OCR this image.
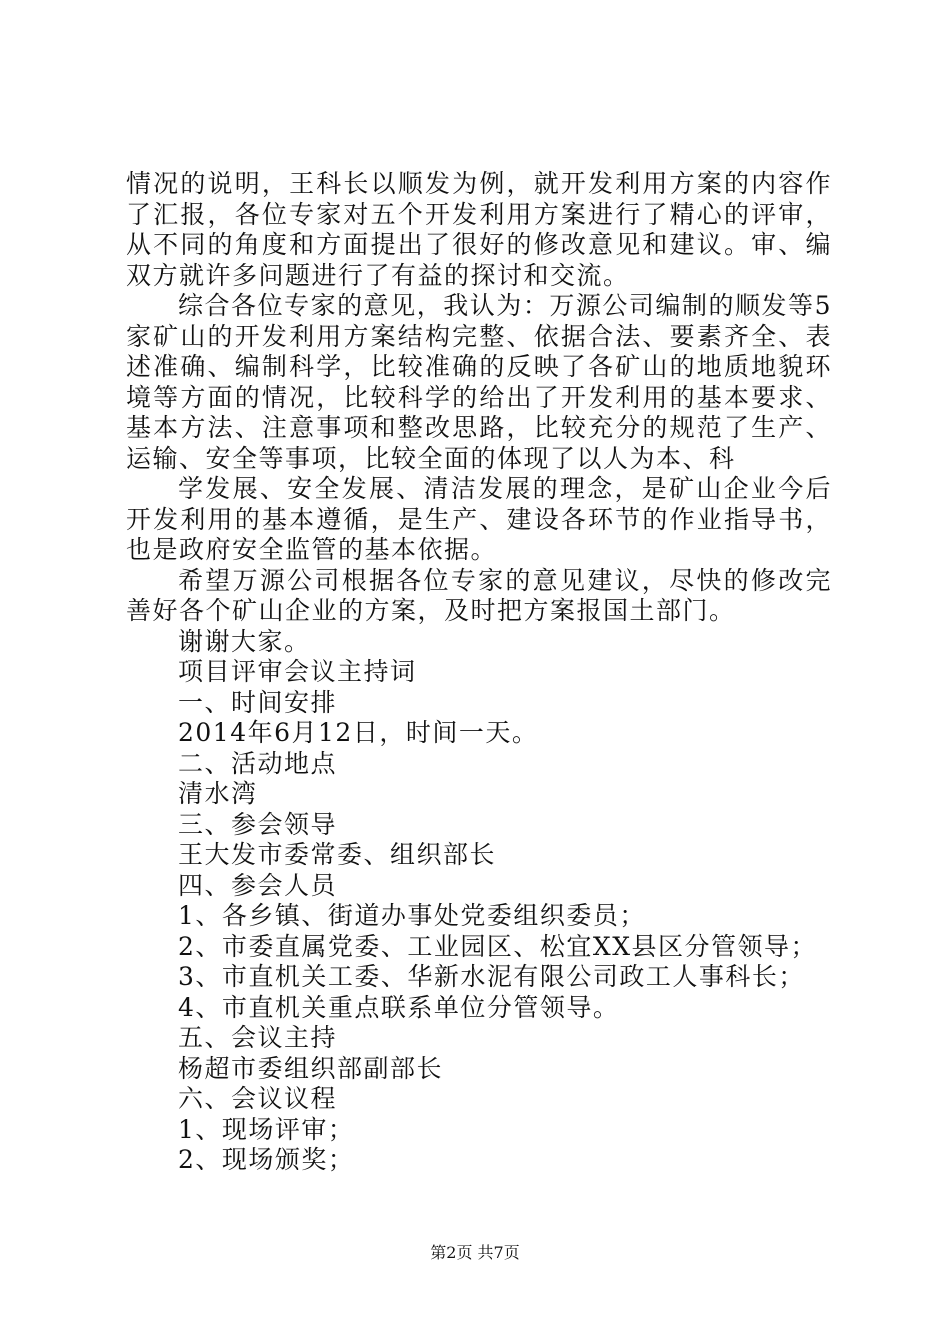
情况的说明，王科长以顺发为例，就开发利用方案的内容作了汇报，各位专家对五个开发利用方案进行了精心的评审，从不同的角度和方面提出了很好的修改意见和建议。审、编双方就许多问题进行了有益的探讨和交流。

综合各位专家的意见，我认为：万源公司编制的顺发等5家矿山的开发利用方案结构完整、依据合法、要素齐全、表述准确、编制科学，比较准确的反映了各矿山的地质地貌环境等方面的情况，比较科学的给出了开发利用的基本要求、基本方法、注意事项和整改思路，比较充分的规范了生产、运输、安全等事项，比较全面的体现了以人为本、科

学发展、安全发展、清洁发展的理念，是矿山企业今后开发利用的基本遵循，是生产、建设各环节的作业指导书，也是政府安全监管的基本依据。

希望万源公司根据各位专家的意见建议，尽快的修改完善好各个矿山企业的方案，及时把方案报国土部门。

谢谢大家。

项目评审会议主持词

一、时间安排

2014年6月12日，时间一天。

二、活动地点

清水湾

三、参会领导

王大发市委常委、组织部长

四、参会人员

1、各乡镇、街道办事处党委组织委员；

2、市委直属党委、工业园区、松宜XX县区分管领导；

3、市直机关工委、华新水泥有限公司政工人事科长；

4、市直机关重点联系单位分管领导。

五、会议主持

杨超市委组织部副部长

六、会议议程

1、现场评审；

2、现场颁奖；

第2页 共7页
